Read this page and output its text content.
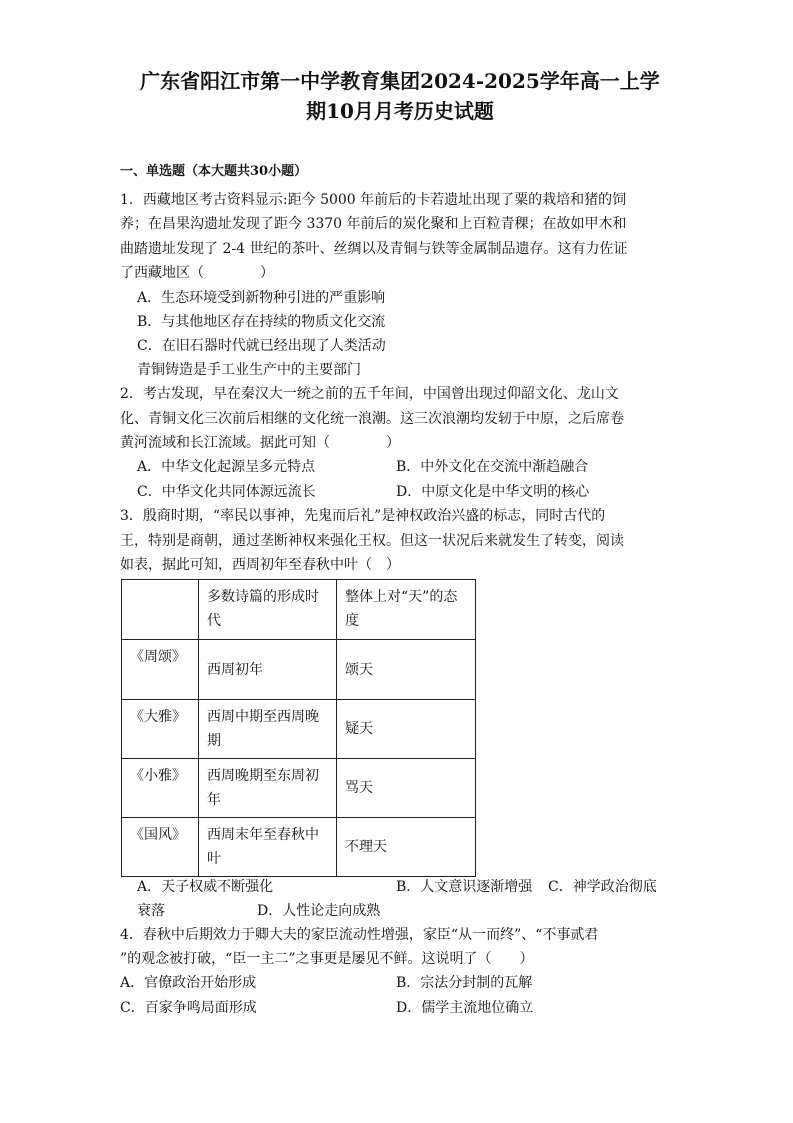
广东省阳江市第一中学教育集团2024-2025学年高一上学
期10月月考历史试题
一、单选题（本大题共30小题）
1．西藏地区考古资料显示:距今 5000 年前后的卡若遗址出现了粟的栽培和猪的饲
养；在昌果沟遗址发现了距今 3370 年前后的炭化聚和上百粒青稞；在故如甲木和
曲踏遗址发现了 2-4 世纪的茶叶、丝绸以及青铜与铁等金属制品遗存。这有力佐证
了西藏地区（　　　　）
A．生态环境受到新物种引进的严重影响
B．与其他地区存在持续的物质文化交流
C．在旧石器时代就已经出现了人类活动
青铜铸造是手工业生产中的主要部门
2．考古发现，早在秦汉大一统之前的五千年间，中国曾出现过仰韶文化、龙山文
化、青铜文化三次前后相继的文化统一浪潮。这三次浪潮均发轫于中原，之后席卷
黄河流域和长江流域。据此可知（　　　　）
A．中华文化起源呈多元特点	B．中外文化在交流中渐趋融合
C．中华文化共同体源远流长	D．中原文化是中华文明的核心
3．殷商时期，“率民以事神，先鬼而后礼”是神权政治兴盛的标志，同时古代的
王，特别是商朝，通过垄断神权来强化王权。但这一状况后来就发生了转变，阅读
如表，据此可知，西周初年至春秋中叶（　）
	多数诗篇的形成时代	整体上对“天”的态度
《周颂》	西周初年	颂天
《大雅》	西周中期至西周晚期	疑天
《小雅》	西周晚期至东周初年	骂天
《国风》	西周末年至春秋中叶	不理天
A．天子权威不断强化	B．人文意识逐渐增强 C．神学政治彻底
衰落	D．人性论走向成熟
4．春秋中后期效力于卿大夫的家臣流动性增强，家臣“从一而终”、“不事贰君
”的观念被打破，“臣一主二”之事更是屡见不鲜。这说明了（　　）
A．官僚政治开始形成	B．宗法分封制的瓦解
C．百家争鸣局面形成	D．儒学主流地位确立
